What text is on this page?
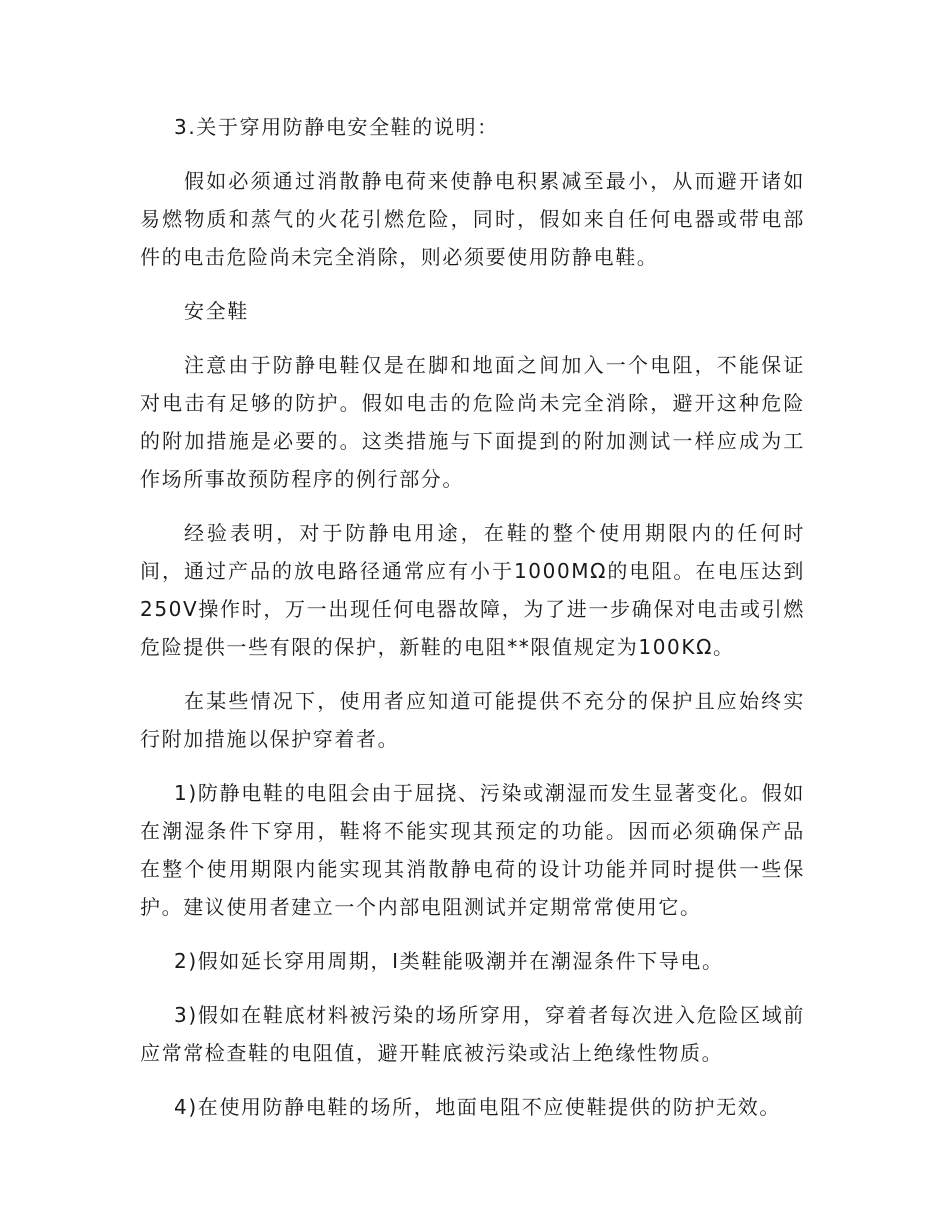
3.关于穿用防静电安全鞋的说明：

假如必须通过消散静电荷来使静电积累减至最小，从而避开诸如易燃物质和蒸气的火花引燃危险，同时，假如来自任何电器或带电部件的电击危险尚未完全消除，则必须要使用防静电鞋。

安全鞋

注意由于防静电鞋仅是在脚和地面之间加入一个电阻，不能保证对电击有足够的防护。假如电击的危险尚未完全消除，避开这种危险的附加措施是必要的。这类措施与下面提到的附加测试一样应成为工作场所事故预防程序的例行部分。

经验表明，对于防静电用途，在鞋的整个使用期限内的任何时间，通过产品的放电路径通常应有小于1000MΩ的电阻。在电压达到250V操作时，万一出现任何电器故障，为了进一步确保对电击或引燃危险提供一些有限的保护，新鞋的电阻**限值规定为100KΩ。

在某些情况下，使用者应知道可能提供不充分的保护且应始终实行附加措施以保护穿着者。

1)防静电鞋的电阻会由于屈挠、污染或潮湿而发生显著变化。假如在潮湿条件下穿用，鞋将不能实现其预定的功能。因而必须确保产品在整个使用期限内能实现其消散静电荷的设计功能并同时提供一些保护。建议使用者建立一个内部电阻测试并定期常常使用它。

2)假如延长穿用周期，I类鞋能吸潮并在潮湿条件下导电。

3)假如在鞋底材料被污染的场所穿用，穿着者每次进入危险区域前应常常检查鞋的电阻值，避开鞋底被污染或沾上绝缘性物质。

4)在使用防静电鞋的场所，地面电阻不应使鞋提供的防护无效。
